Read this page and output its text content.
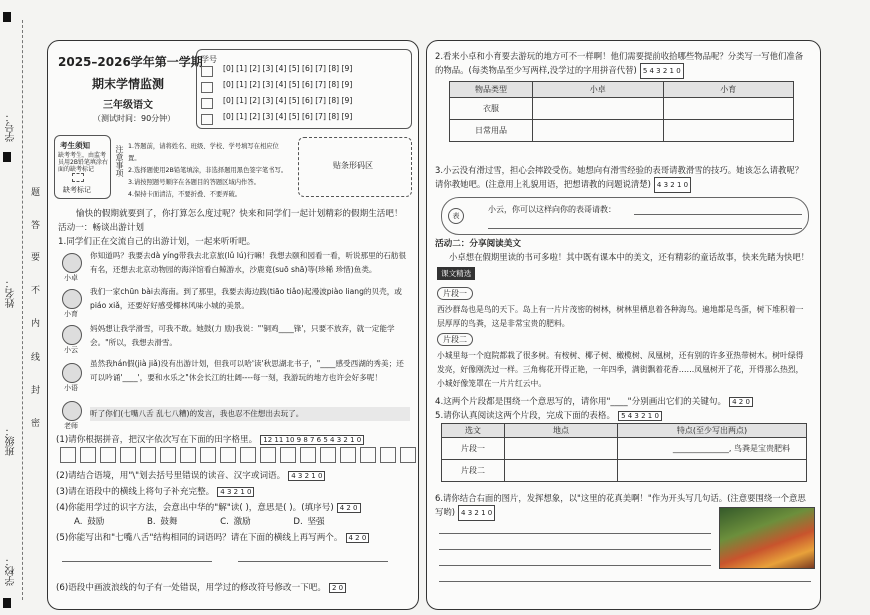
学号：
姓名：
班级：
学校：
题
答
要
不
内
线
封
密
2025–2026学年第一学期
期末学情监测
三年级语文
（测试时间：90分钟）
学号
[0] [1] [2] [3] [4] [5] [6] [7] [8] [9]
[0] [1] [2] [3] [4] [5] [6] [7] [8] [9]
[0] [1] [2] [3] [4] [5] [6] [7] [8] [9]
[0] [1] [2] [3] [4] [5] [6] [7] [8] [9]
考生须知
缺考考生，由监考员用2B铅笔填涂右面的缺考标记
缺考标记
注意事项 1.答题前，请将姓名、班级、学校、学号填写在相应位置。
2.选择题使用2B铅笔填涂，非选择题用黑色签字笔书写。
3.请按照题号顺序在各题目的答题区域内作答。
4.保持卡面清洁，不要折叠、不要弄破。
贴条形码区
愉快的假期就要到了，你打算怎么度过呢？快来和同学们一起计划精彩的假期生活吧！
活动一：畅谈出游计划
1.同学们正在交流自己的出游计划，一起来听听吧。
小卓
你知道吗？我要去dà yíng带我去北京旅(lǔ lú)行嘛！我想去颐和园看一看，听说那里的石舫很有名，还想去北京动物园的海洋馆看白鲸游水，沙鹿竟(suō shā)等(珍稀 珍惜)鱼类。
小育
我们一家chūn bài去海南。到了那里，我要去海边践(tiāo tiǎo)起漫波piào liang的贝壳，或piáo xiǎ，还要好好感受椰林风味小城的美景。
小云
妈妈想让我学滑雪，可我不敢。她鼓(力 励)我说："'铜鸡____锋'，只要不放弃，就一定能学会。"所以，我想去滑雪。
小语
虽然我hán假(jià jiǎ)没有出游计划，但我可以哈'读'秋思湖北书子，"____感受西湖的秀美；还可以吟诵'____'，要和水乐之"休会长江的壮阔----每一刻，我游玩的地方也许会好多呢！
老师
听了你们(七嘴八舌 乱七八糟)的发言，我也忍不住想出去玩了。
(1)请你根据拼音，把汉字依次写在下面的田字格里。 12 11 10 9 8 7 6 5 4 3 2 1 0
(2)请结合语境，用"\"划去括号里错误的读音、汉字或词语。 4 3 2 1 0
(3)请在语段中的横线上将句子补充完整。 4 3 2 1 0
(4)你能用学过的识字方法，会意出中华的"解"读( )，意思是( )。(填序号) 4 2 0
A. 鼓励	B. 鼓舞	C. 激励	D. 坚强
(5)你能写出和"七嘴八舌"结构相同的词语吗？请在下面的横线上再写两个。 4 2 0
(6)语段中画波浪线的句子有一处错误，用学过的修改符号修改一下吧。 2 0
2.看来小卓和小育要去游玩的地方可不一样啊！他们需要提前收拾哪些物品呢？分类写一写他们准备的物品。(每类物品至少写两样,没学过的字用拼音代替) 5 4 3 2 1 0
物品类型	小卓	小育
衣服		
日常用品		
3.小云没有滑过雪，担心会摔跤受伤。她想向有滑雪经验的表哥请教滑雪的技巧。她该怎么请教呢？请你教她吧。(注意用上礼貌用语，把想请教的问题说清楚) 4 3 2 1 0
表
小云，你可以这样向你的表哥请教：
活动二：分享阅读美文
小卓想在假期里读的书可多啦！其中既有课本中的美文，还有精彩的童话故事，快来先睹为快吧！
课文精选
片段一
西沙群岛也是鸟的天下。岛上有一片片茂密的树林，树林里栖息着各种海鸟。遍地都是鸟蛋，树下堆积着一层厚厚的鸟粪，这是非常宝贵的肥料。
片段二
小城里每一个庭院都栽了很多树。有桉树、椰子树、橄榄树、凤凰树，还有别的许多亚热带树木。树叶绿得发亮，好像刚洗过一样。三角梅花开得正艳，一年四季，满街飘着花香……凤凰树开了花，开得那么热烈，小城好像笼罩在一片片红云中。
4.这两个片段都是围绕一个意思写的，请你用"____"分别画出它们的关键句。 4 2 0
5.请你认真阅读这两个片段，完成下面的表格。 5 4 3 2 1 0
选文	地点	特点(至少写出两点)
片段一		______________, 鸟粪是宝贵肥料
片段二		
6.请你结合右面的图片，发挥想象，以"这里的花真美啊！"作为开头写几句话。(注意要围绕一个意思写哟) 4 3 2 1 0
